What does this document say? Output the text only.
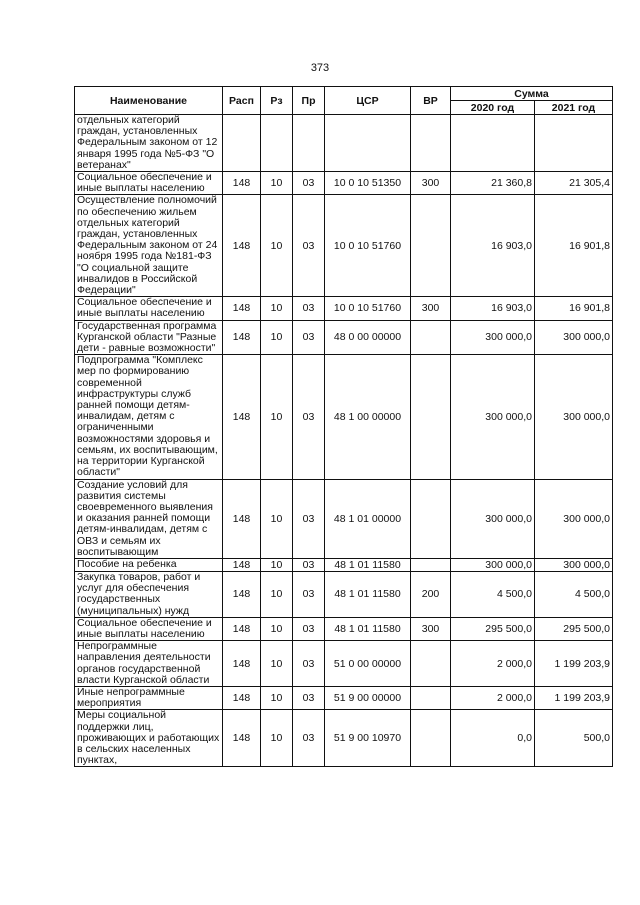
373
Наименование	Расп	Рз	Пр	ЦСР	ВР	Сумма	
						2020 год	2021 год
отдельных категорий граждан, установленных Федеральным законом от 12 января 1995 года №5-ФЗ "О ветеранах"							
Социальное обеспечение и иные выплаты населению	148	10	03	10 0 10 51350	300	21 360,8	21 305,4
Осуществление полномочий по обеспечению жильем отдельных категорий граждан, установленных Федеральным законом от 24 ноября 1995 года №181-ФЗ "О социальной защите инвалидов в Российской Федерации"	148	10	03	10 0 10 51760		16 903,0	16 901,8
Социальное обеспечение и иные выплаты населению	148	10	03	10 0 10 51760	300	16 903,0	16 901,8
Государственная программа Курганской области "Разные дети - равные возможности"	148	10	03	48 0 00 00000		300 000,0	300 000,0
Подпрограмма "Комплекс мер по формированию современной инфраструктуры служб ранней помощи детям-инвалидам, детям с ограниченными возможностями здоровья и семьям, их воспитывающим, на территории Курганской области"	148	10	03	48 1 00 00000		300 000,0	300 000,0
Создание условий для развития системы своевременного выявления и оказания ранней помощи детям-инвалидам, детям с ОВЗ и семьям их воспитывающим	148	10	03	48 1 01 00000		300 000,0	300 000,0
Пособие на ребенка	148	10	03	48 1 01 11580		300 000,0	300 000,0
Закупка товаров, работ и услуг для обеспечения государственных (муниципальных) нужд	148	10	03	48 1 01 11580	200	4 500,0	4 500,0
Социальное обеспечение и иные выплаты населению	148	10	03	48 1 01 11580	300	295 500,0	295 500,0
Непрограммные направления деятельности органов государственной власти Курганской области	148	10	03	51 0 00 00000		2 000,0	1 199 203,9
Иные непрограммные мероприятия	148	10	03	51 9 00 00000		2 000,0	1 199 203,9
Меры социальной поддержки лиц, проживающих и работающих в сельских населенных пунктах,	148	10	03	51 9 00 10970		0,0	500,0
